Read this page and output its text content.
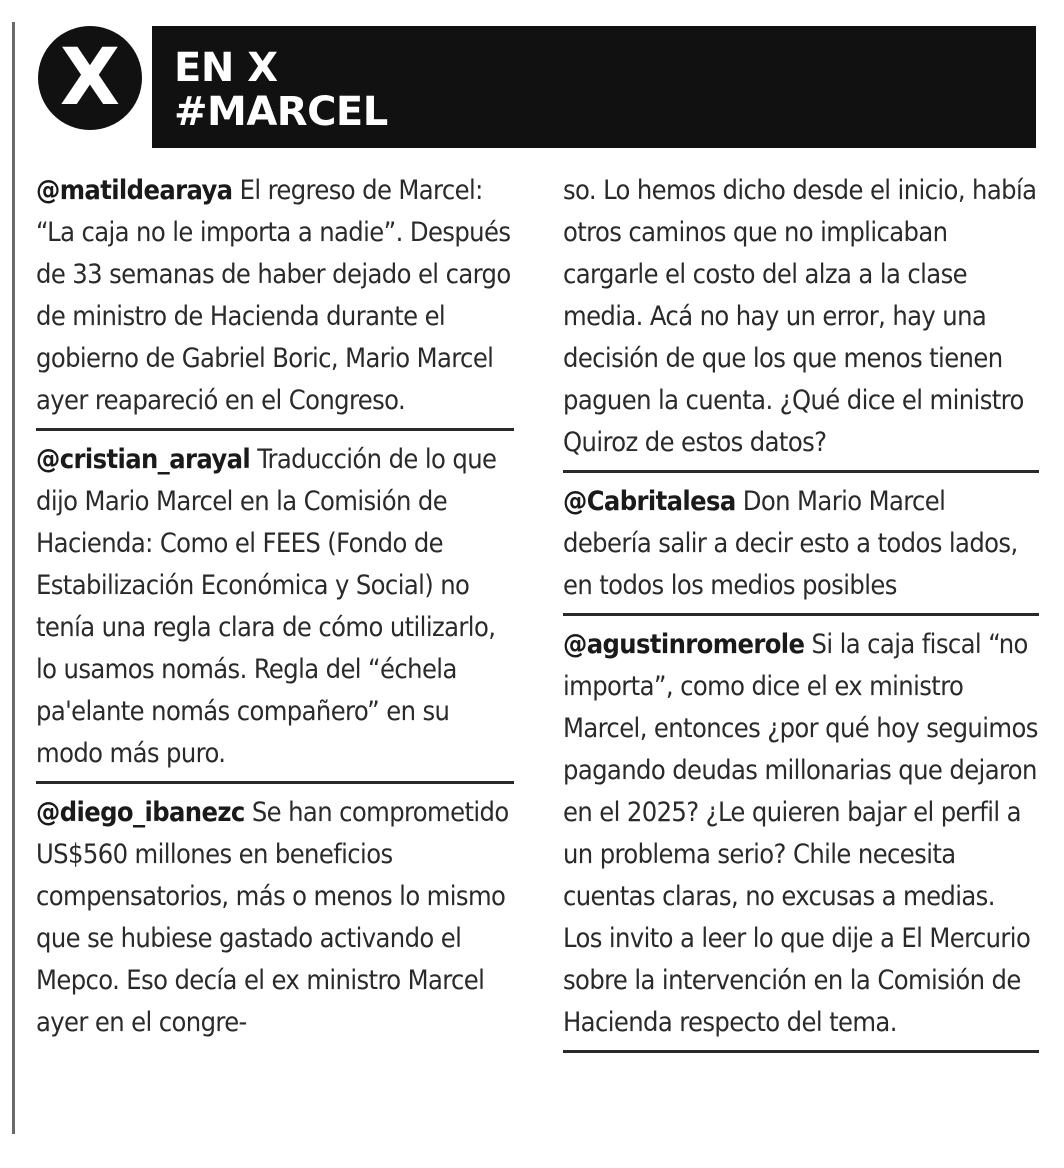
X EN X
#MARCEL
@matildearaya El regreso de Marcel: “La caja no le importa a nadie”. Después de 33 semanas de haber dejado el cargo de ministro de Hacienda durante el gobierno de Gabriel Boric, Mario Marcel ayer reapareció en el Congreso.
@cristian_arayal Traducción de lo que dijo Mario Marcel en la Comisión de Hacienda: Como el FEES (Fondo de Estabilización Económica y Social) no tenía una regla clara de cómo utilizarlo, lo usamos nomás. Regla del “échela pa'elante nomás compañero” en su modo más puro.
@diego_ibanezc Se han comprometido US$560 millones en beneficios compensatorios, más o menos lo mismo que se hubiese gastado activando el Mepco. Eso decía el ex ministro Marcel ayer en el congre-
so. Lo hemos dicho desde el inicio, había otros caminos que no implicaban cargarle el costo del alza a la clase media. Acá no hay un error, hay una decisión de que los que menos tienen paguen la cuenta. ¿Qué dice el ministro Quiroz de estos datos?
@Cabritalesa Don Mario Marcel debería salir a decir esto a todos lados, en todos los medios posibles
@agustinromerole Si la caja fiscal “no importa”, como dice el ex ministro Marcel, entonces ¿por qué hoy seguimos pagando deudas millonarias que dejaron en el 2025? ¿Le quieren bajar el perfil a un problema serio? Chile necesita cuentas claras, no excusas a medias. Los invito a leer lo que dije a El Mercurio sobre la intervención en la Comisión de Hacienda respecto del tema.
